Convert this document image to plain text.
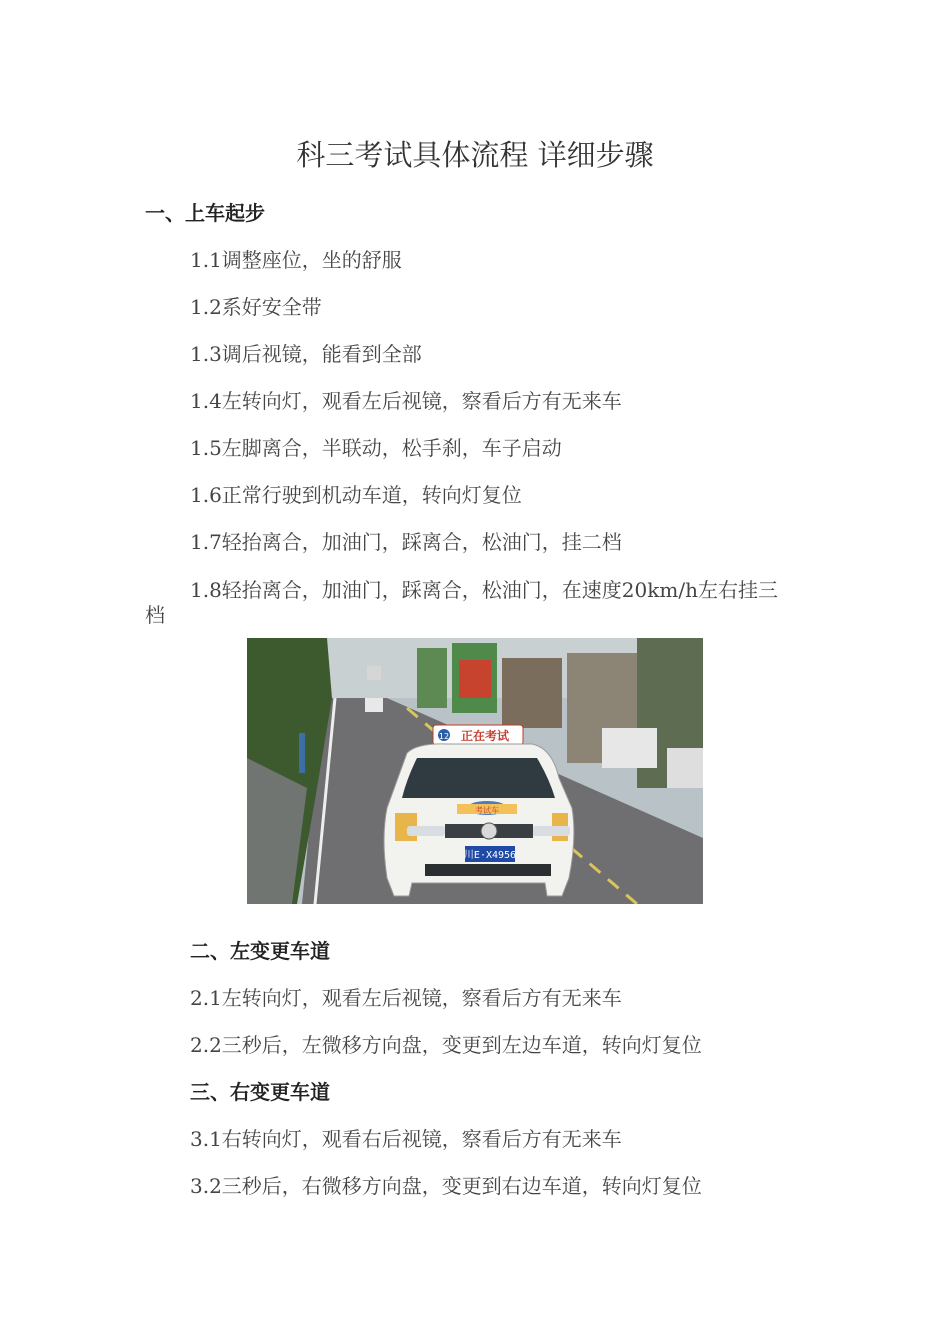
科三考试具体流程 详细步骤
一、上车起步
1.1调整座位，坐的舒服
1.2系好安全带
1.3调后视镜，能看到全部
1.4左转向灯，观看左后视镜，察看后方有无来车
1.5左脚离合，半联动，松手刹，车子启动
1.6正常行驶到机动车道，转向灯复位
1.7轻抬离合，加油门，踩离合，松油门，挂二档
1.8轻抬离合，加油门，踩离合，松油门，在速度20km/h左右挂三
档
12 正在考试
考试车
川E·X4956
二、左变更车道
2.1左转向灯，观看左后视镜，察看后方有无来车
2.2三秒后，左微移方向盘，变更到左边车道，转向灯复位
三、右变更车道
3.1右转向灯，观看右后视镜，察看后方有无来车
3.2三秒后，右微移方向盘，变更到右边车道，转向灯复位
